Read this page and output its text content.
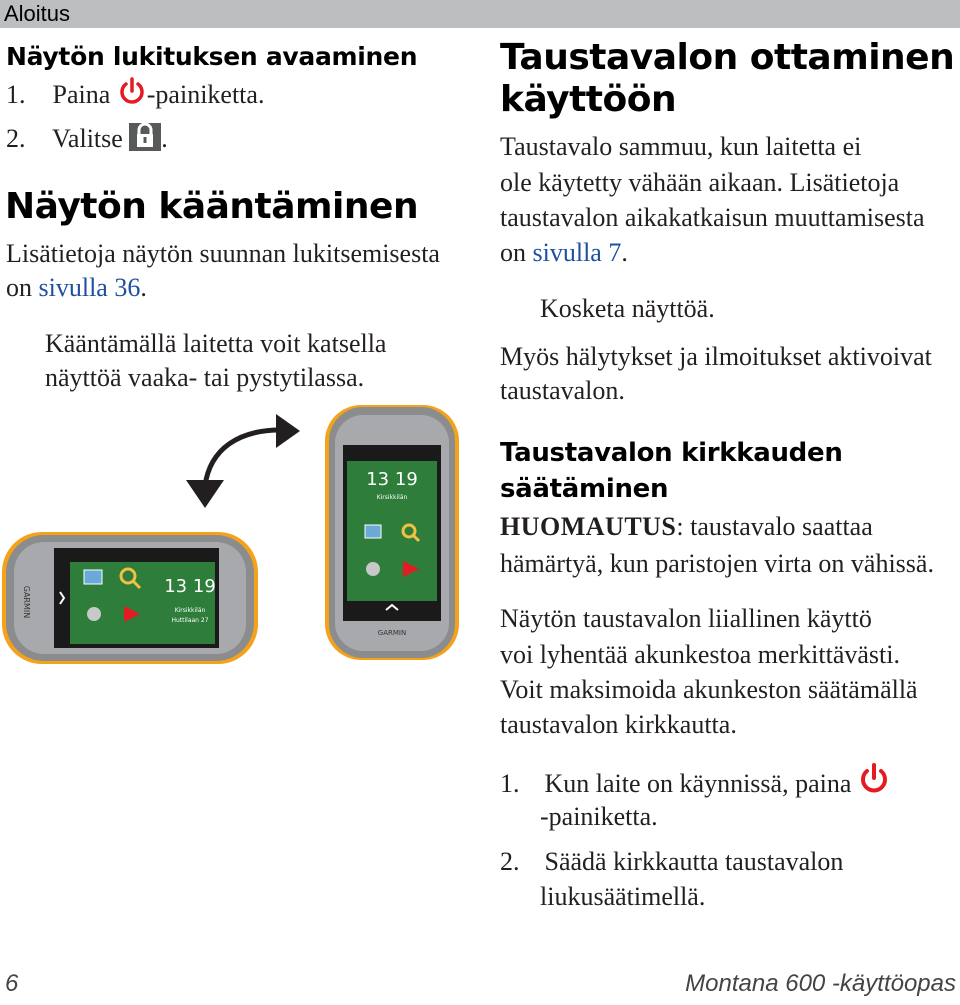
Aloitus
Näytön lukituksen avaaminen
1. Paina -painiketta.
2. Valitse .
Näytön kääntäminen
Lisätietoja näytön suunnan lukitsemisesta
on sivulla 36.
Kääntämällä laitetta voit katsella
näyttöä vaaka- tai pystytilassa.
GARMIN	13 19
Kirsikkilän
Huttilaan 27
13 19
Kirsikkilän
GARMIN
Taustavalon ottaminen
käyttöön
Taustavalo sammuu, kun laitetta ei
ole käytetty vähään aikaan. Lisätietoja
taustavalon aikakatkaisun muuttamisesta
on sivulla 7.
Kosketa näyttöä.
Myös hälytykset ja ilmoitukset aktivoivat
taustavalon.
Taustavalon kirkkauden
säätäminen
HUOMAUTUS: taustavalo saattaa
hämärtyä, kun paristojen virta on vähissä.
Näytön taustavalon liiallinen käyttö
voi lyhentää akunkestoa merkittävästi.
Voit maksimoida akunkeston säätämällä
taustavalon kirkkautta.
1. Kun laite on käynnissä, paina
-painiketta.
2. Säädä kirkkautta taustavalon
liukusäätimellä.
6	Montana 600 -käyttöopas
